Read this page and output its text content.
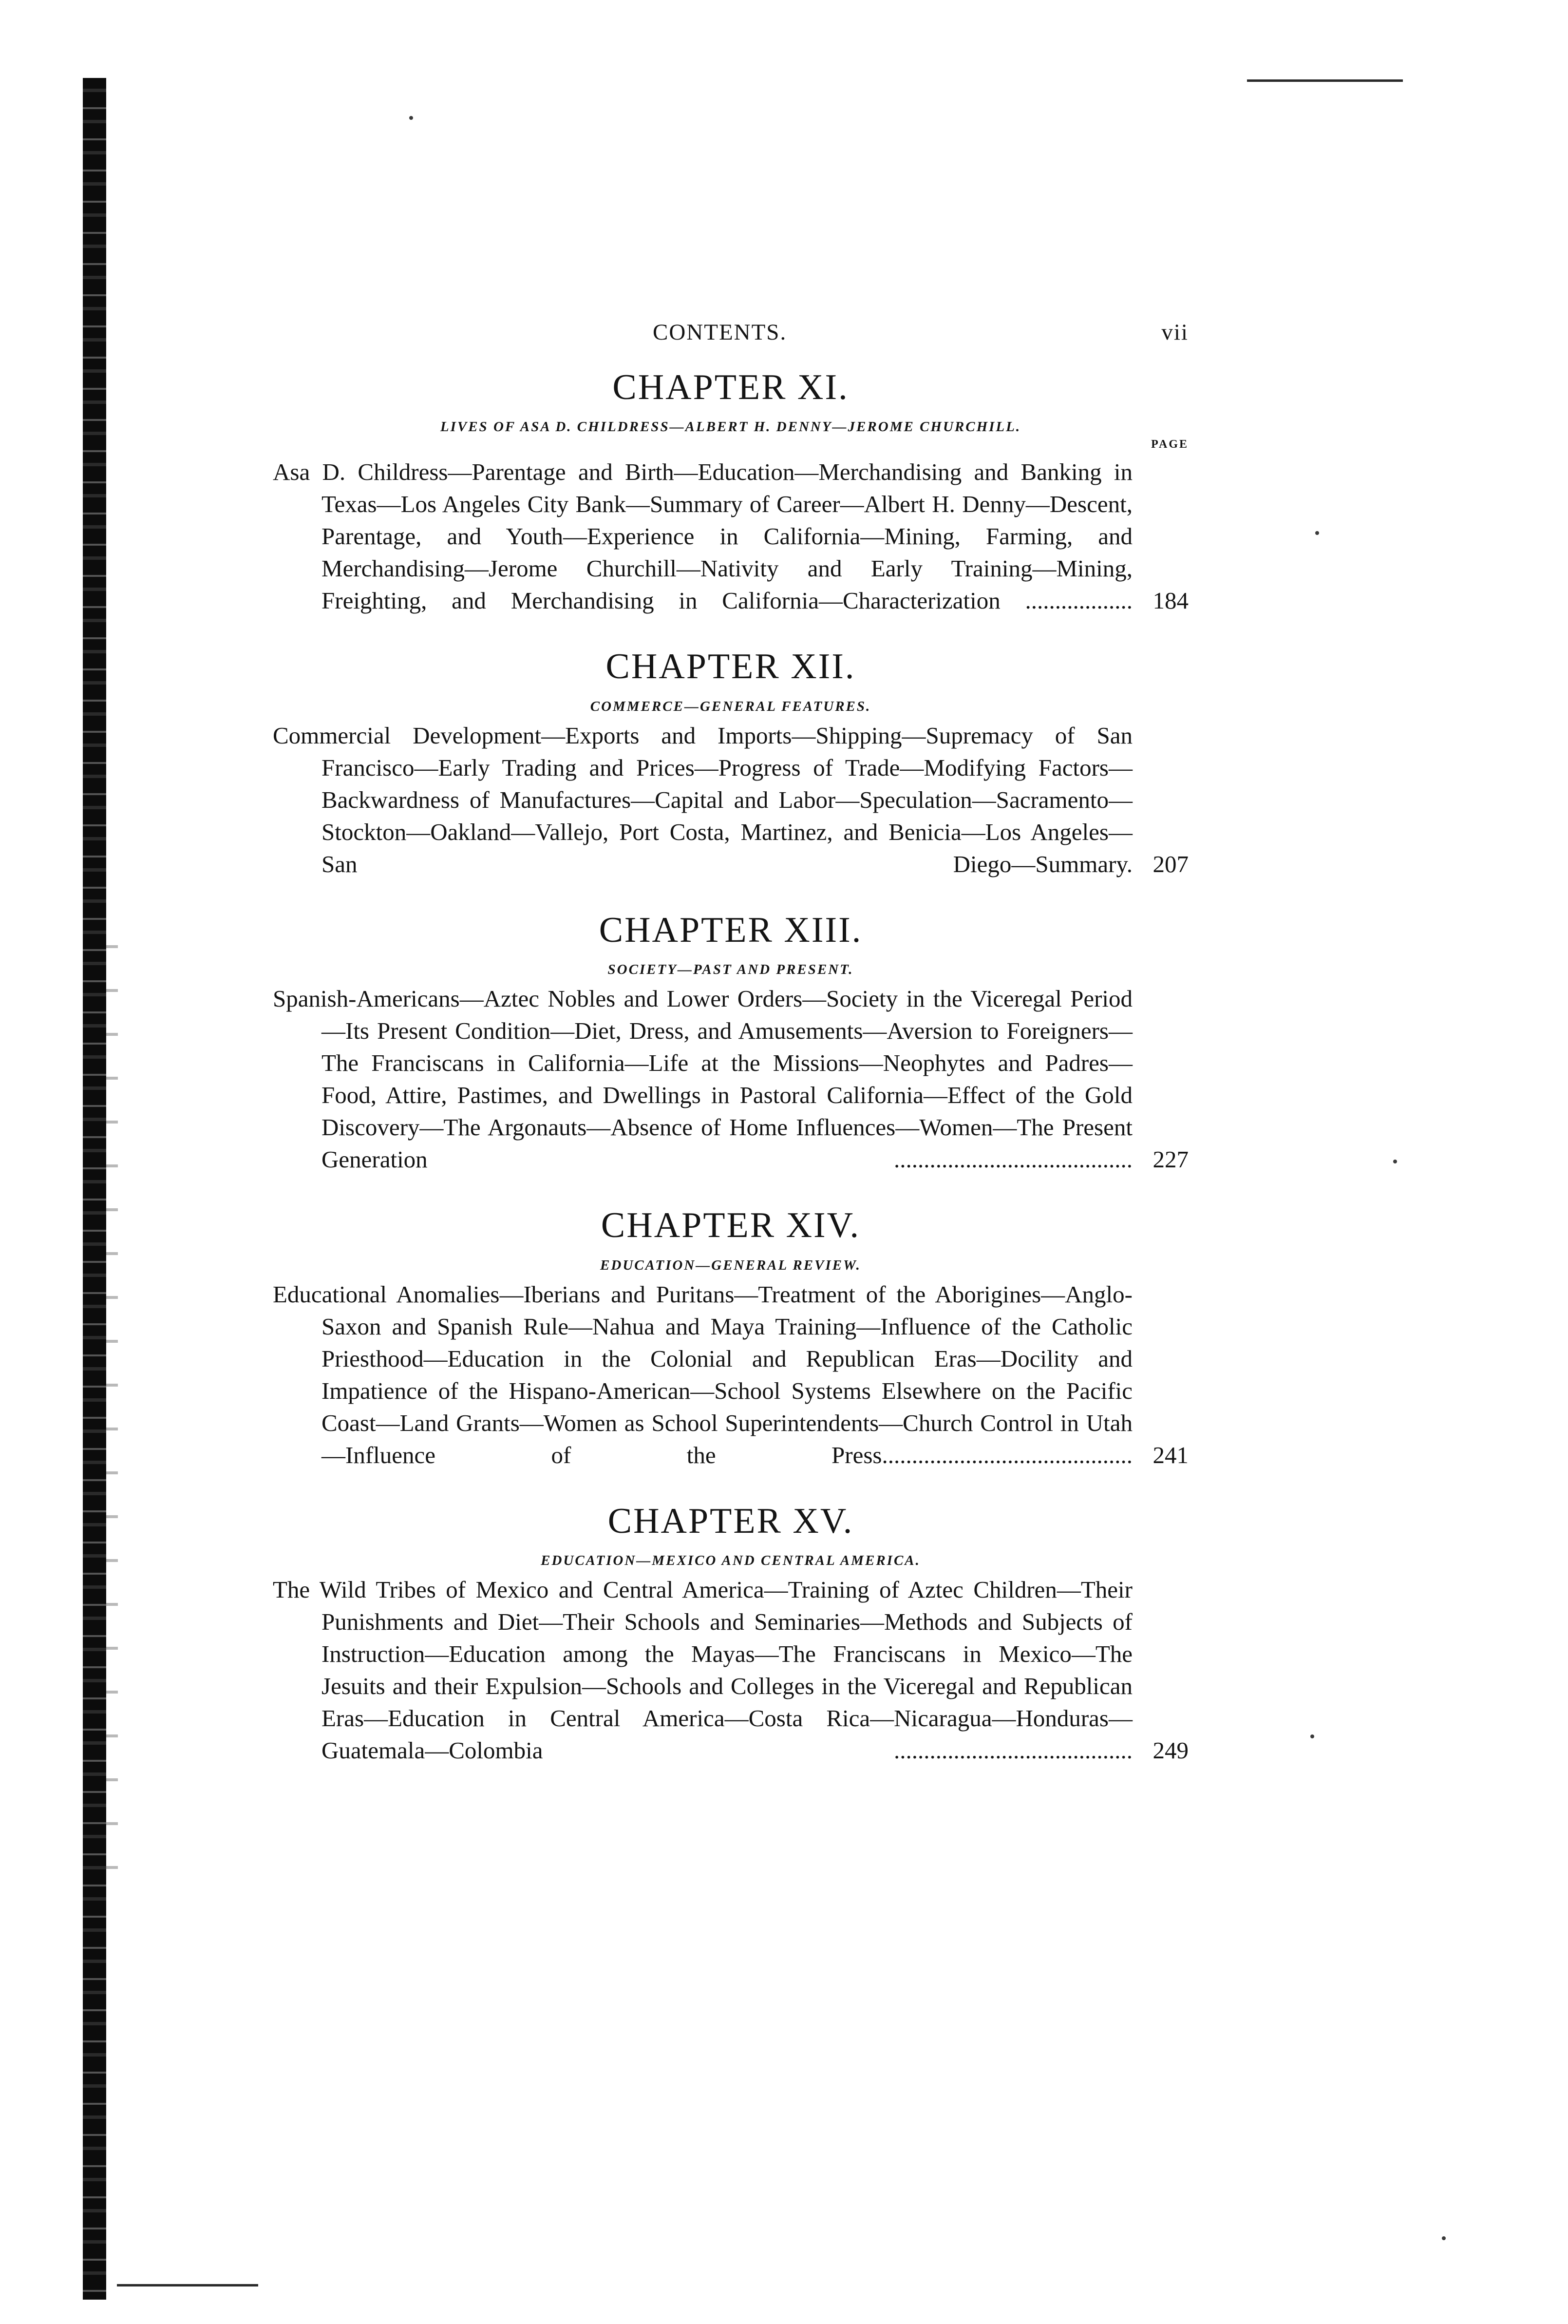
CONTENTS.	vii
CHAPTER XI.
LIVES OF ASA D. CHILDRESS—ALBERT H. DENNY—JEROME CHURCHILL.
PAGE
Asa D. Childress—Parentage and Birth—Education—Merchandising and Banking in Texas—Los Angeles City Bank—Summary of Career—Albert H. Denny—Descent, Parentage, and Youth—Experience in California—Mining, Farming, and Merchandising—Jerome Churchill—Nativity and Early Training—Mining, Freighting, and Merchandising in California—Characterization .................. 184
CHAPTER XII.
COMMERCE—GENERAL FEATURES.
Commercial Development—Exports and Imports—Shipping—Supremacy of San Francisco—Early Trading and Prices—Progress of Trade—Modifying Factors—Backwardness of Manufactures—Capital and Labor—Speculation—Sacramento—Stockton—Oakland—Vallejo, Port Costa, Martinez, and Benicia—Los Angeles—San Diego—Summary. 207
CHAPTER XIII.
SOCIETY—PAST AND PRESENT.
Spanish-Americans—Aztec Nobles and Lower Orders—Society in the Viceregal Period—Its Present Condition—Diet, Dress, and Amusements—Aversion to Foreigners—The Franciscans in California—Life at the Missions—Neophytes and Padres—Food, Attire, Pastimes, and Dwellings in Pastoral California—Effect of the Gold Discovery—The Argonauts—Absence of Home Influences—Women—The Present Generation ........................................ 227
CHAPTER XIV.
EDUCATION—GENERAL REVIEW.
Educational Anomalies—Iberians and Puritans—Treatment of the Aborigines—Anglo-Saxon and Spanish Rule—Nahua and Maya Training—Influence of the Catholic Priesthood—Education in the Colonial and Republican Eras—Docility and Impatience of the Hispano-American—School Systems Elsewhere on the Pacific Coast—Land Grants—Women as School Superintendents—Church Control in Utah—Influence of the Press.......................................... 241
CHAPTER XV.
EDUCATION—MEXICO AND CENTRAL AMERICA.
The Wild Tribes of Mexico and Central America—Training of Aztec Children—Their Punishments and Diet—Their Schools and Seminaries—Methods and Subjects of Instruction—Education among the Mayas—The Franciscans in Mexico—The Jesuits and their Expulsion—Schools and Colleges in the Viceregal and Republican Eras—Education in Central America—Costa Rica—Nicaragua—Honduras—Guatemala—Colombia ........................................ 249
